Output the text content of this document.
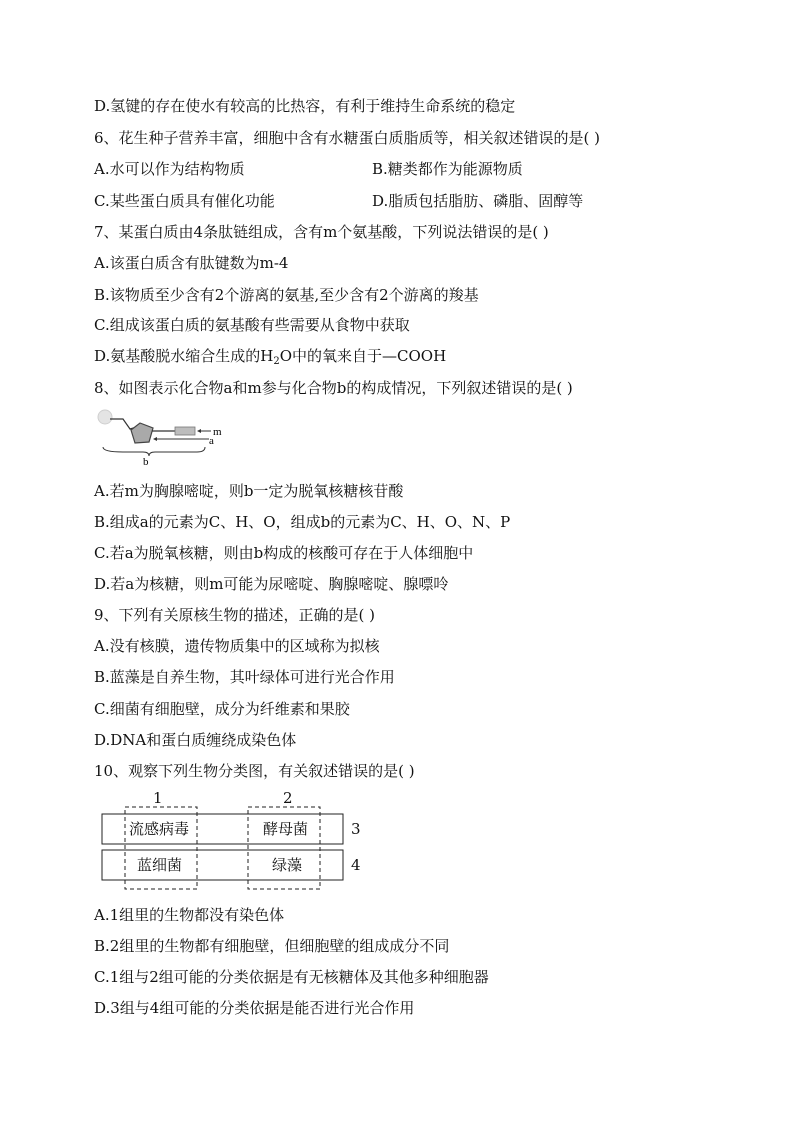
D.氢键的存在使水有较高的比热容，有利于维持生命系统的稳定
6、花生种子营养丰富，细胞中含有水糖蛋白质脂质等，相关叙述错误的是( )
A.水可以作为结构物质	B.糖类都作为能源物质
C.某些蛋白质具有催化功能	D.脂质包括脂肪、磷脂、固醇等
7、某蛋白质由4条肽链组成，含有m个氨基酸，下列说法错误的是( )
A.该蛋白质含有肽键数为m-4
B.该物质至少含有2个游离的氨基,至少含有2个游离的羧基
C.组成该蛋白质的氨基酸有些需要从食物中获取
D.氨基酸脱水缩合生成的$H_2O$中的氧来自于—COOH
8、如图表示化合物a和m参与化合物b的构成情况，下列叙述错误的是( )
m
a
b
A.若m为胸腺嘧啶，则b一定为脱氧核糖核苷酸
B.组成a的元素为C、H、O，组成b的元素为C、H、O、N、P
C.若a为脱氧核糖，则由b构成的核酸可存在于人体细胞中
D.若a为核糖，则m可能为尿嘧啶、胸腺嘧啶、腺嘌呤
9、下列有关原核生物的描述，正确的是( )
A.没有核膜，遗传物质集中的区域称为拟核
B.蓝藻是自养生物，其叶绿体可进行光合作用
C.细菌有细胞壁，成分为纤维素和果胶
D.DNA和蛋白质缠绕成染色体
10、观察下列生物分类图，有关叙述错误的是( )
1	2
3
4
流感病毒	酵母菌
蓝细菌	绿藻
A.1组里的生物都没有染色体
B.2组里的生物都有细胞壁，但细胞壁的组成成分不同
C.1组与2组可能的分类依据是有无核糖体及其他多种细胞器
D.3组与4组可能的分类依据是能否进行光合作用
